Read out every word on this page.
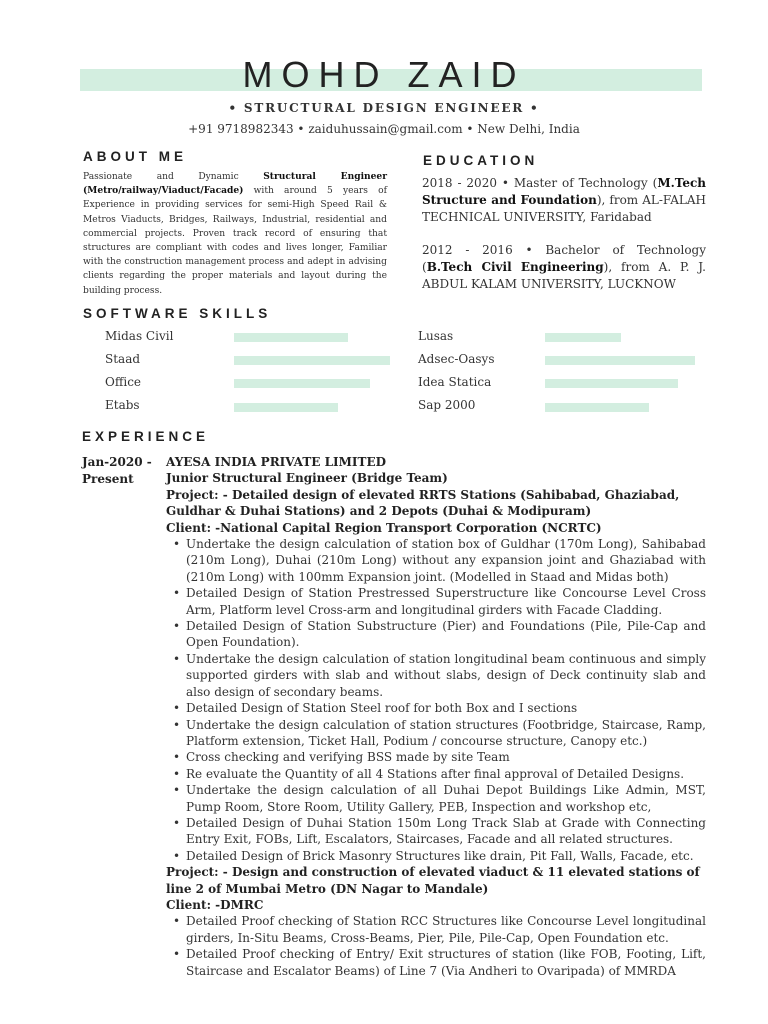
MOHD ZAID
• STRUCTURAL DESIGN ENGINEER •
+91 9718982343 • zaiduhussain@gmail.com • New Delhi, India
ABOUT ME
Passionate and Dynamic Structural Engineer (Metro/railway/Viaduct/Facade) with around 5 years of Experience in providing services for semi-High Speed Rail & Metros Viaducts, Bridges, Railways, Industrial, residential and commercial projects. Proven track record of ensuring that structures are compliant with codes and lives longer, Familiar with the construction management process and adept in advising clients regarding the proper materials and layout during the building process.
EDUCATION
2018 - 2020 • Master of Technology (M.Tech Structure and Foundation), from AL-FALAH TECHNICAL UNIVERSITY, Faridabad
2012 - 2016 • Bachelor of Technology (B.Tech Civil Engineering), from A. P. J. ABDUL KALAM UNIVERSITY, LUCKNOW
SOFTWARE SKILLS
Midas Civil
Staad
Office
Etabs
Lusas
Adsec-Oasys
Idea Statica
Sap 2000
EXPERIENCE
Jan-2020 -
Present
AYESA INDIA PRIVATE LIMITED
Junior Structural Engineer (Bridge Team)
Project: - Detailed design of elevated RRTS Stations (Sahibabad, Ghaziabad, Guldhar & Duhai Stations) and 2 Depots (Duhai & Modipuram)
Client: -National Capital Region Transport Corporation (NCRTC)
• Undertake the design calculation of station box of Guldhar (170m Long), Sahibabad (210m Long), Duhai (210m Long) without any expansion joint and Ghaziabad with (210m Long) with 100mm Expansion joint. (Modelled in Staad and Midas both)
• Detailed Design of Station Prestressed Superstructure like Concourse Level Cross Arm, Platform level Cross-arm and longitudinal girders with Facade Cladding.
• Detailed Design of Station Substructure (Pier) and Foundations (Pile, Pile-Cap and Open Foundation).
• Undertake the design calculation of station longitudinal beam continuous and simply supported girders with slab and without slabs, design of Deck continuity slab and also design of secondary beams.
• Detailed Design of Station Steel roof for both Box and I sections
• Undertake the design calculation of station structures (Footbridge, Staircase, Ramp, Platform extension, Ticket Hall, Podium / concourse structure, Canopy etc.)
• Cross checking and verifying BSS made by site Team
• Re evaluate the Quantity of all 4 Stations after final approval of Detailed Designs.
• Undertake the design calculation of all Duhai Depot Buildings Like Admin, MST, Pump Room, Store Room, Utility Gallery, PEB, Inspection and workshop etc,
• Detailed Design of Duhai Station 150m Long Track Slab at Grade with Connecting Entry Exit, FOBs, Lift, Escalators, Staircases, Facade and all related structures.
• Detailed Design of Brick Masonry Structures like drain, Pit Fall, Walls, Facade, etc.
Project: - Design and construction of elevated viaduct & 11 elevated stations of line 2 of Mumbai Metro (DN Nagar to Mandale)
Client: -DMRC
• Detailed Proof checking of Station RCC Structures like Concourse Level longitudinal girders, In-Situ Beams, Cross-Beams, Pier, Pile, Pile-Cap, Open Foundation etc.
• Detailed Proof checking of Entry/ Exit structures of station (like FOB, Footing, Lift, Staircase and Escalator Beams) of Line 7 (Via Andheri to Ovaripada) of MMRDA
